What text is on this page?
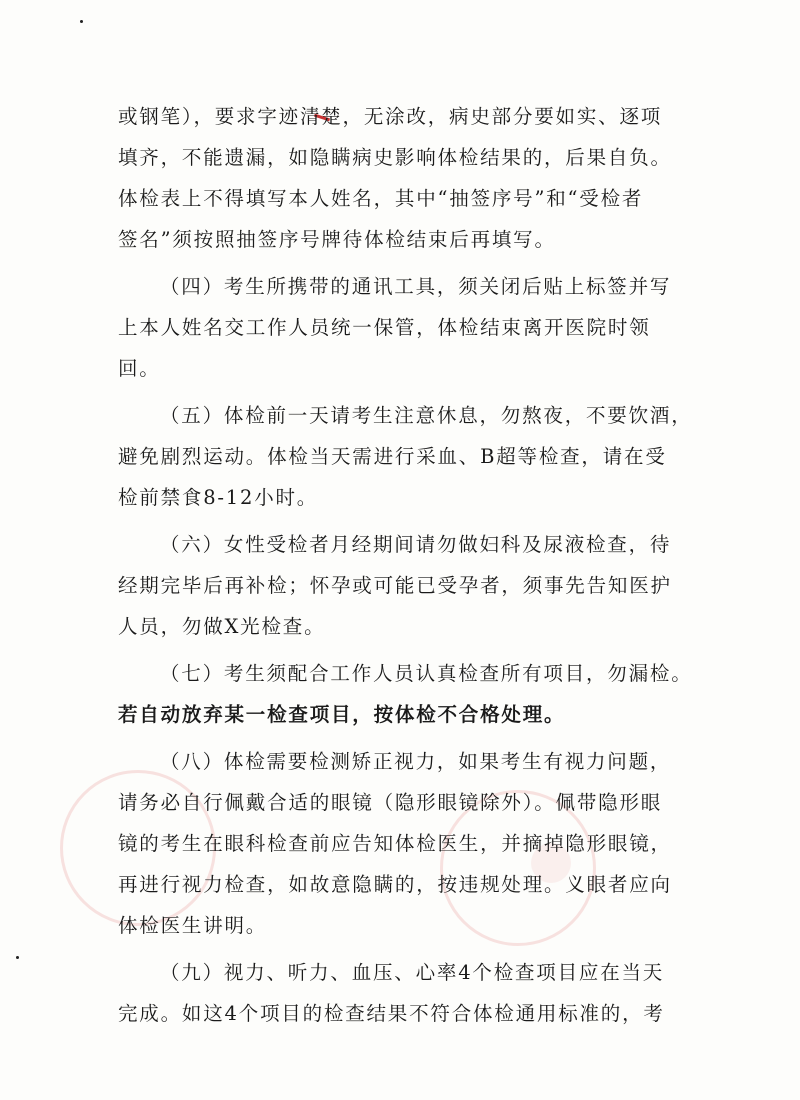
或钢笔），要求字迹清楚，无涂改，病史部分要如实、逐项
填齐，不能遗漏，如隐瞒病史影响体检结果的，后果自负。
体检表上不得填写本人姓名，其中“抽签序号”和“受检者
签名”须按照抽签序号牌待体检结束后再填写。
（四）考生所携带的通讯工具，须关闭后贴上标签并写
上本人姓名交工作人员统一保管，体检结束离开医院时领
回。
（五）体检前一天请考生注意休息，勿熬夜，不要饮酒，
避免剧烈运动。体检当天需进行采血、B超等检查，请在受
检前禁食8-12小时。
（六）女性受检者月经期间请勿做妇科及尿液检查，待
经期完毕后再补检；怀孕或可能已受孕者，须事先告知医护
人员，勿做X光检查。
（七）考生须配合工作人员认真检查所有项目，勿漏检。
若自动放弃某一检查项目，按体检不合格处理。
（八）体检需要检测矫正视力，如果考生有视力问题，
请务必自行佩戴合适的眼镜（隐形眼镜除外）。佩带隐形眼
镜的考生在眼科检查前应告知体检医生，并摘掉隐形眼镜，
再进行视力检查，如故意隐瞒的，按违规处理。义眼者应向
体检医生讲明。
（九）视力、听力、血压、心率4个检查项目应在当天
完成。如这4个项目的检查结果不符合体检通用标准的，考
